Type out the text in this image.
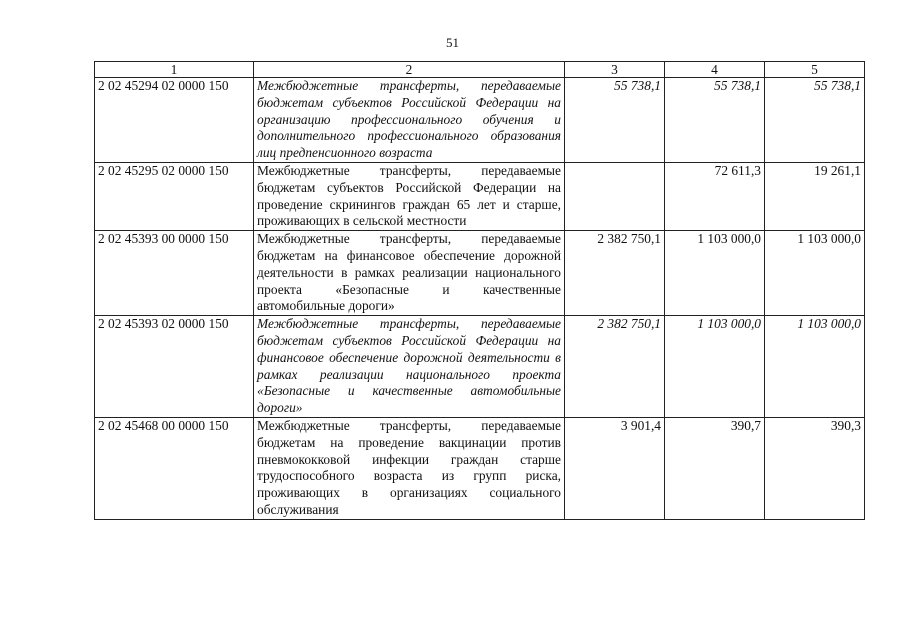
51
1	2	3	4	5
2 02 45294 02 0000 150	Межбюджетные трансферты, передаваемые бюджетам субъектов Российской Федерации на организацию профессионального обучения и дополнительного профессионального образования лиц предпенсионного возраста	55 738,1	55 738,1	55 738,1
2 02 45295 02 0000 150	Межбюджетные трансферты, передаваемые бюджетам субъектов Российской Федерации на проведение скринингов граждан 65 лет и старше, проживающих в сельской местности		72 611,3	19 261,1
2 02 45393 00 0000 150	Межбюджетные трансферты, передаваемые бюджетам на финансовое обеспечение дорожной деятельности в рамках реализации национального проекта «Безопасные и качественные автомобильные дороги»	2 382 750,1	1 103 000,0	1 103 000,0
2 02 45393 02 0000 150	Межбюджетные трансферты, передаваемые бюджетам субъектов Российской Федерации на финансовое обеспечение дорожной деятельности в рамках реализации национального проекта «Безопасные и качественные автомобильные дороги»	2 382 750,1	1 103 000,0	1 103 000,0
2 02 45468 00 0000 150	Межбюджетные трансферты, передаваемые бюджетам на проведение вакцинации против пневмококковой инфекции граждан старше трудоспособного возраста из групп риска, проживающих в организациях социального обслуживания	3 901,4	390,7	390,3
